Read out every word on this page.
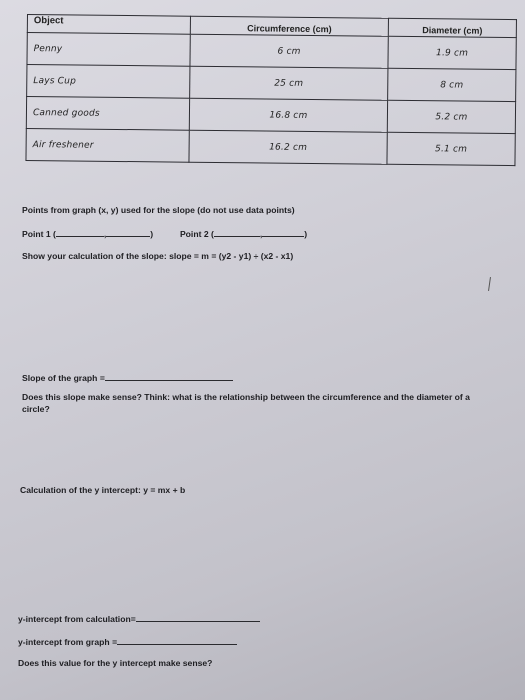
Object	Circumference (cm)	Diameter (cm)
Penny	6 cm	1.9 cm
Lays Cup	25 cm	8 cm
Canned goods	16.8 cm	5.2 cm
Air freshener	16.2 cm	5.1 cm
Points from graph (x, y) used for the slope (do not use data points)
Point 1 (	,	)	Point 2 (	,	)
Show your calculation of the slope: slope = m = (y2 - y1) ÷ (x2 - x1)
Slope of the graph =
Does this slope make sense? Think: what is the relationship between the circumference and the diameter of a circle?
Calculation of the y intercept: y = mx + b
y-intercept from calculation=
y-intercept from graph =
Does this value for the y intercept make sense?
